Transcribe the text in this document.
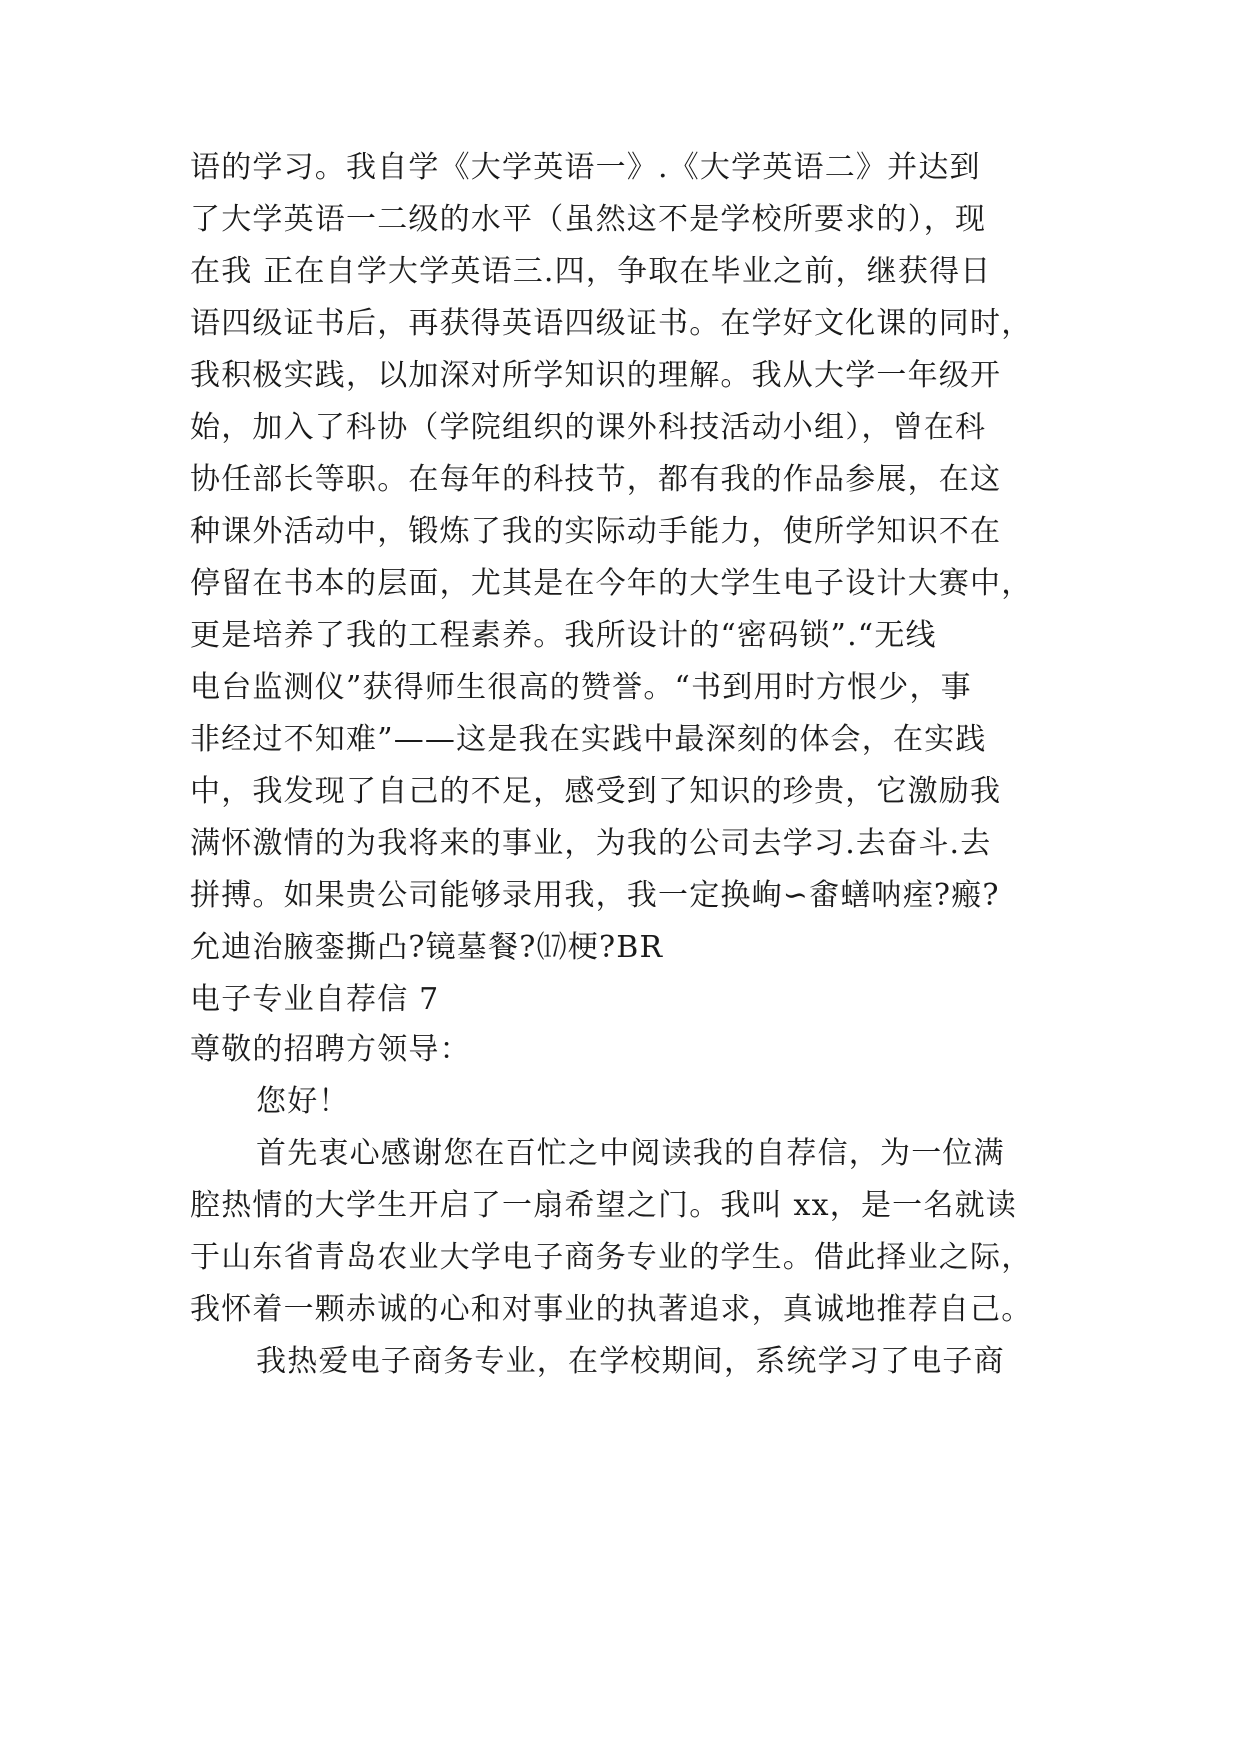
语的学习。我自学《大学英语一》.《大学英语二》并达到
了大学英语一二级的水平（虽然这不是学校所要求的），现
在我 正在自学大学英语三.四，争取在毕业之前，继获得日
语四级证书后，再获得英语四级证书。在学好文化课的同时，
我积极实践，以加深对所学知识的理解。我从大学一年级开
始，加入了科协（学院组织的课外科技活动小组），曾在科
协任部长等职。在每年的科技节，都有我的作品参展，在这
种课外活动中，锻炼了我的实际动手能力，使所学知识不在
停留在书本的层面，尤其是在今年的大学生电子设计大赛中，
更是培养了我的工程素养。我所设计的“密码锁”.“无线
电台监测仪”获得师生很高的赞誉。“书到用时方恨少，事
非经过不知难”——这是我在实践中最深刻的体会，在实践
中，我发现了自己的不足，感受到了知识的珍贵，它激励我
满怀激情的为我将来的事业，为我的公司去学习.去奋斗.去
拼搏。如果贵公司能够录用我，我一定换峋∽畬蟮呐痓?瘢?
允迪治腋銮撕凸?镜墓餐?⒄梗?BR
电子专业自荐信 7
尊敬的招聘方领导：
您好！
首先衷心感谢您在百忙之中阅读我的自荐信，为一位满
腔热情的大学生开启了一扇希望之门。我叫 xx，是一名就读
于山东省青岛农业大学电子商务专业的学生。借此择业之际，
我怀着一颗赤诚的心和对事业的执著追求，真诚地推荐自己。
我热爱电子商务专业，在学校期间，系统学习了电子商
